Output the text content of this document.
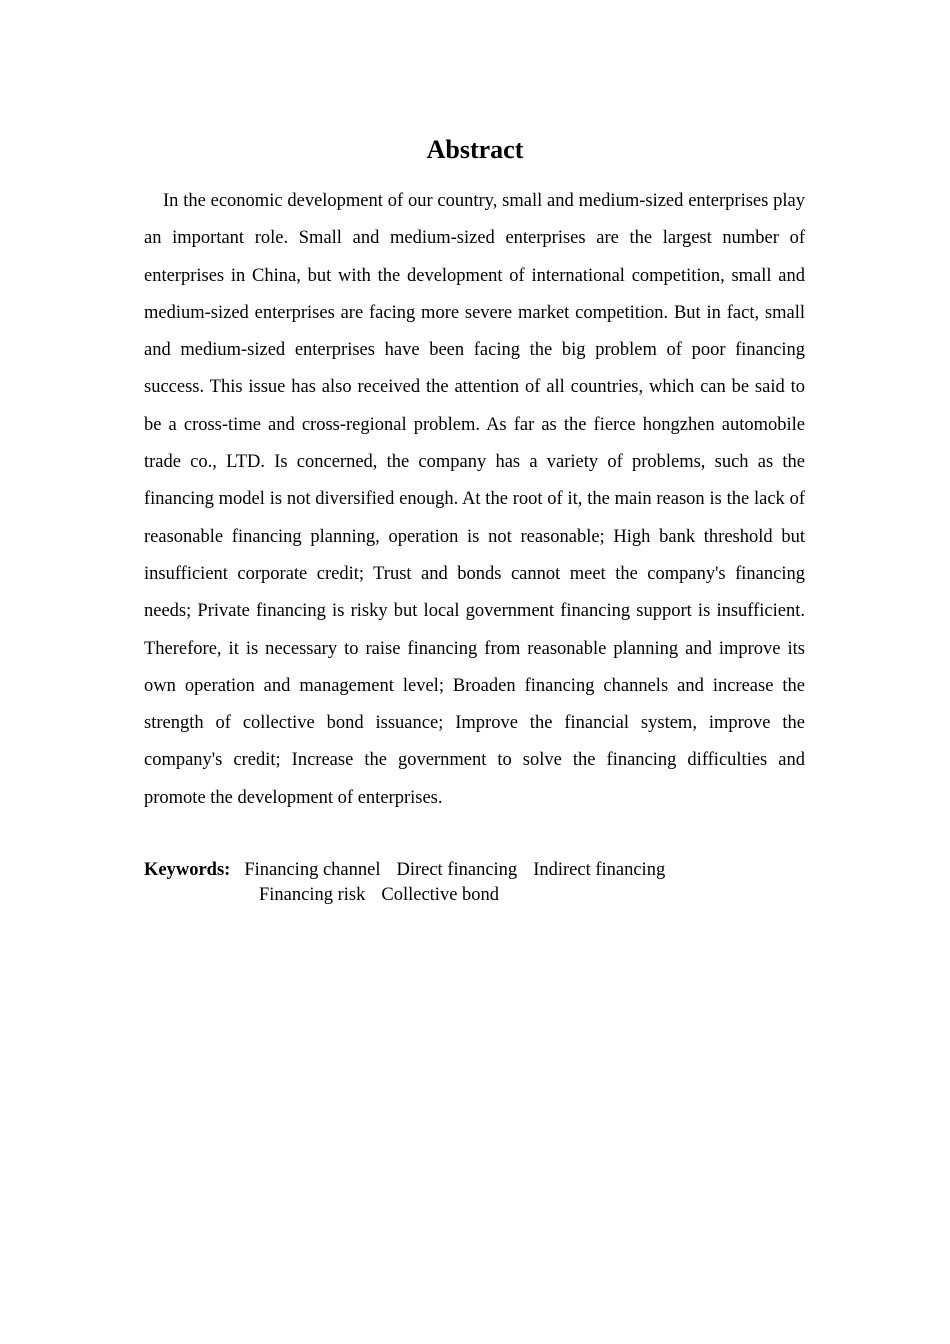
Abstract

In the economic development of our country, small and medium-sized enterprises play an important role. Small and medium-sized enterprises are the largest number of enterprises in China, but with the development of international competition, small and medium-sized enterprises are facing more severe market competition. But in fact, small and medium-sized enterprises have been facing the big problem of poor financing success. This issue has also received the attention of all countries, which can be said to be a cross-time and cross-regional problem. As far as the fierce hongzhen automobile trade co., LTD. Is concerned, the company has a variety of problems, such as the financing model is not diversified enough. At the root of it, the main reason is the lack of reasonable financing planning, operation is not reasonable; High bank threshold but insufficient corporate credit; Trust and bonds cannot meet the company's financing needs; Private financing is risky but local government financing support is insufficient. Therefore, it is necessary to raise financing from reasonable planning and improve its own operation and management level; Broaden financing channels and increase the strength of collective bond issuance; Improve the financial system, improve the company's credit; Increase the government to solve the financing difficulties and promote the development of enterprises.

Keywords: Financing channel Direct financing Indirect financing
Financing risk Collective bond
